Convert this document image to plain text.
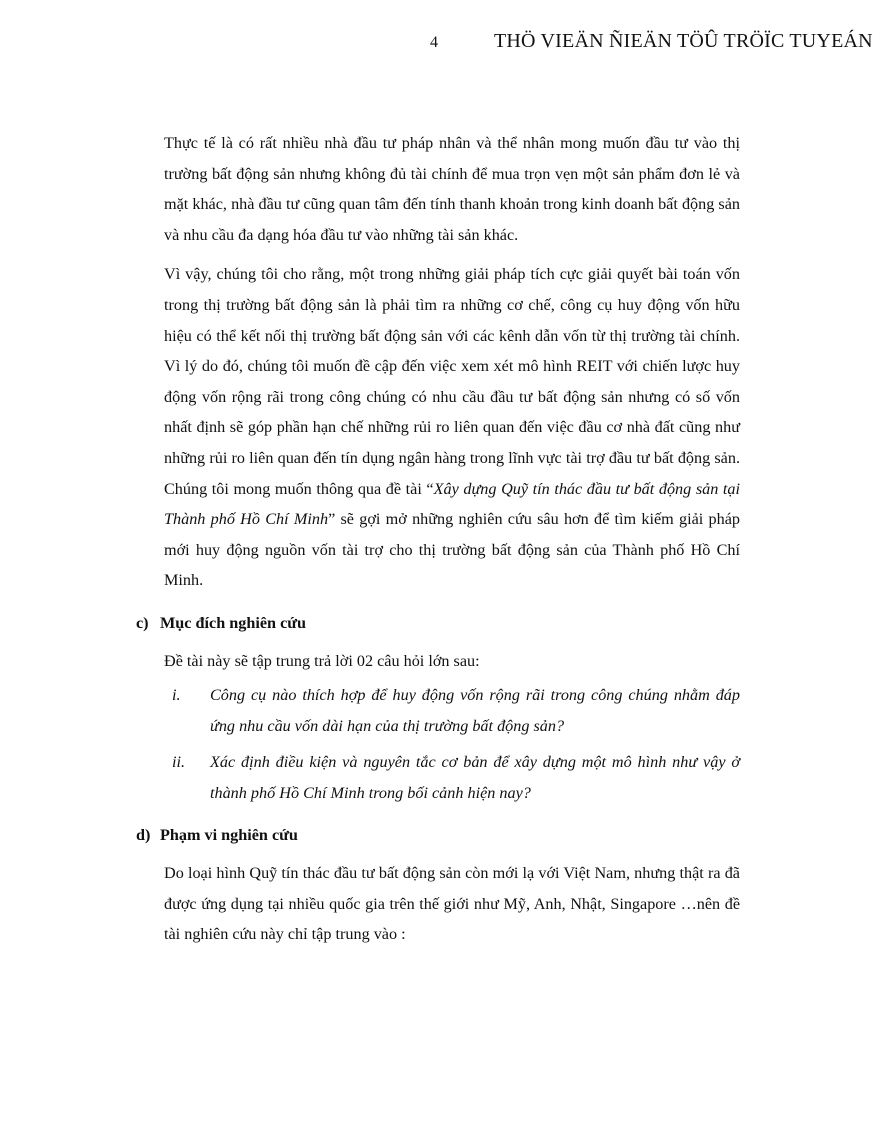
4	THÖ VIEÄN ÑIEÄN TÖÛ TRÖÏC TUYEÁN

Thực tế là có rất nhiều nhà đầu tư pháp nhân và thể nhân mong muốn đầu tư vào thị trường bất động sản nhưng không đủ tài chính để mua trọn vẹn một sản phẩm đơn lẻ và mặt khác, nhà đầu tư cũng quan tâm đến tính thanh khoản trong kinh doanh bất động sản và nhu cầu đa dạng hóa đầu tư vào những tài sản khác.

Vì vậy, chúng tôi cho rằng, một trong những giải pháp tích cực giải quyết bài toán vốn trong thị trường bất động sản là phải tìm ra những cơ chế, công cụ huy động vốn hữu hiệu có thể kết nối thị trường bất động sản với các kênh dẫn vốn từ thị trường tài chính. Vì lý do đó, chúng tôi muốn đề cập đến việc xem xét mô hình REIT với chiến lược huy động vốn rộng rãi trong công chúng có nhu cầu đầu tư bất động sản nhưng có số vốn nhất định sẽ góp phần hạn chế những rủi ro liên quan đến việc đầu cơ nhà đất cũng như những rủi ro liên quan đến tín dụng ngân hàng trong lĩnh vực tài trợ đầu tư bất động sản. Chúng tôi mong muốn thông qua đề tài “Xây dựng Quỹ tín thác đầu tư bất động sản tại Thành phố Hồ Chí Minh” sẽ gợi mở những nghiên cứu sâu hơn để tìm kiếm giải pháp mới huy động nguồn vốn tài trợ cho thị trường bất động sản của Thành phố Hồ Chí Minh.

c) Mục đích nghiên cứu

Đề tài này sẽ tập trung trả lời 02 câu hỏi lớn sau:

i. Công cụ nào thích hợp để huy động vốn rộng rãi trong công chúng nhằm đáp ứng nhu cầu vốn dài hạn của thị trường bất động sản?
ii. Xác định điều kiện và nguyên tắc cơ bản để xây dựng một mô hình như vậy ở thành phố Hồ Chí Minh trong bối cảnh hiện nay?
d) Phạm vi nghiên cứu

Do loại hình Quỹ tín thác đầu tư bất động sản còn mới lạ với Việt Nam, nhưng thật ra đã được ứng dụng tại nhiều quốc gia trên thế giới như Mỹ, Anh, Nhật, Singapore …nên đề tài nghiên cứu này chỉ tập trung vào :
